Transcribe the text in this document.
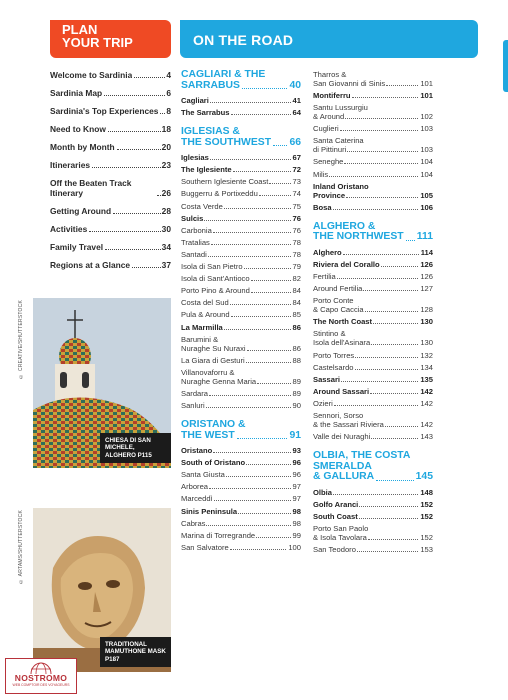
PLAN
YOUR TRIP	ON THE ROAD
Welcome to Sardinia	4
Sardinia Map	6
Sardinia's Top Experiences 8
Need to Know	18
Month by Month	20
Itineraries	23
Off the Beaten Track Itinerary	26
Getting Around	28
Activities	30
Family Travel	34
Regions at a Glance	37
© CREATIVE/SHUTTERSTOCK
CHIESA DI SAN MICHELE, ALGHERO P115
© ARTAMS/SHUTTERSTOCK
TRADITIONAL MAMUTHONE MASK P187
CAGLIARI & THE
SARRABUS	40
Cagliari	41
The Sarrabus	64
IGLESIAS &
THE SOUTHWEST 66
Iglesias	67
The Iglesiente	72
Southern Iglesiente Coast	73
Buggerru & Portixeddu	74
Costa Verde	75
Sulcis	76
Carbonia	76
Tratalias	78
Santadi	78
Isola di San Pietro	79
Isola di Sant'Antioco	82
Porto Pino & Around	84
Costa del Sud	84
Pula & Around	85
La Marmilla	86
Barumini &
Nuraghe Su Nuraxi	86
La Giara di Gesturi	88
Villanovaforru &
Nuraghe Genna Maria	89
Sardara	89
Sanluri	90
ORISTANO &
THE WEST	91
Oristano	93
South of Oristano	96
Santa Giusta	96
Arborea	97
Marceddì	97
Sinis Peninsula	98
Cabras	98
Marina di Torregrande	99
San Salvatore	100
Tharros &
San Giovanni di Sinis	101
Montiferru	101
Santu Lussurgiu
& Around	102
Cuglieri	103
Santa Caterina
di Pittinuri	103
Seneghe	104
Milis	104
Inland Oristano
Province	105
Bosa	106
ALGHERO &
THE NORTHWEST 111
Alghero	114
Riviera del Corallo	126
Fertilia	126
Around Fertilia	127
Porto Conte
& Capo Caccia	128
The North Coast	130
Stintino &
Isola dell'Asinara	130
Porto Torres	132
Castelsardo	134
Sassari	135
Around Sassari	142
Ozieri	142
Sennori, Sorso
& the Sassari Riviera	142
Valle dei Nuraghi	143
OLBIA, THE COSTA
SMERALDA
& GALLURA	145
Olbia	148
Golfo Aranci	152
South Coast	152
Porto San Paolo
& Isola Tavolara	152
San Teodoro	153
NOSTROMO
WEB COMPTOIR DES VOYAGEURS
